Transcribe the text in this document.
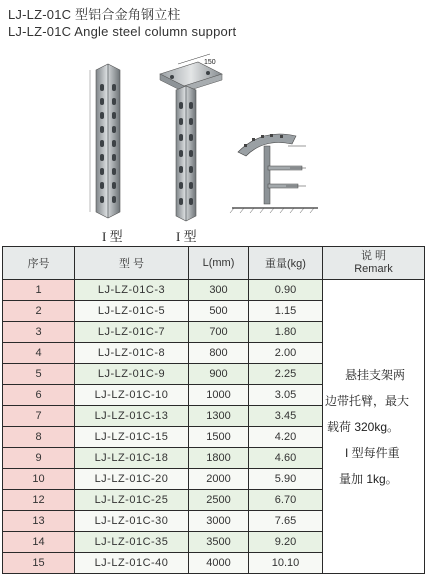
LJ-LZ-01C 型铝合金角钢立柱
LJ-LZ-01C Angle steel column support
150
I 型	I 型
序号	型 号	L(mm)	重量(kg)	说 明
Remark

1	LJ-LZ-01C-3	300	0.90	悬挂支架两
边带托臂，最大
载荷 320kg。
I 型每件重
量加 1kg。

2	LJ-LZ-01C-5	500	1.15	
3	LJ-LZ-01C-7	700	1.80	
4	LJ-LZ-01C-8	800	2.00	
5	LJ-LZ-01C-9	900	2.25	
6	LJ-LZ-01C-10	1000	3.05	
7	LJ-LZ-01C-13	1300	3.45	
8	LJ-LZ-01C-15	1500	4.20	
9	LJ-LZ-01C-18	1800	4.60	
10	LJ-LZ-01C-20	2000	5.90	
12	LJ-LZ-01C-25	2500	6.70	
13	LJ-LZ-01C-30	3000	7.65	
14	LJ-LZ-01C-35	3500	9.20	
15	LJ-LZ-01C-40	4000	10.10	
